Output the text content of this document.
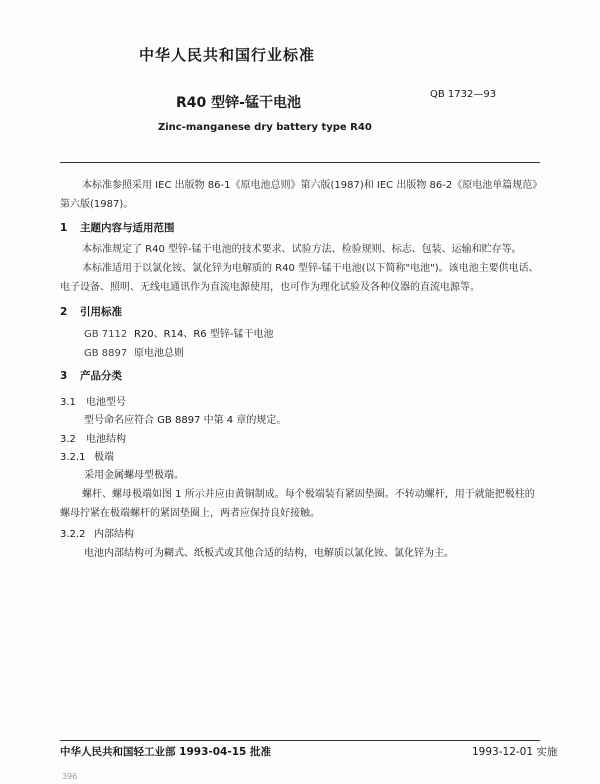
中华人民共和国行业标准
R40 型锌-锰干电池
QB 1732—93
Zinc-manganese dry battery type R40
本标准参照采用 IEC 出版物 86-1《原电池总则》第六版(1987)和 IEC 出版物 86-2《原电池单篇规范》第六版(1987)。
1 主题内容与适用范围
本标准规定了 R40 型锌-锰干电池的技术要求、试验方法、检验规则、标志、包装、运输和贮存等。
本标准适用于以氯化铵、氯化锌为电解质的 R40 型锌-锰干电池(以下简称"电池")。该电池主要供电话、电子设备、照明、无线电通讯作为直流电源使用，也可作为理化试验及各种仪器的直流电源等。
2 引用标准
GB 7112 R20、R14、R6 型锌-锰干电池
GB 8897 原电池总则
3 产品分类
3.1 电池型号
型号命名应符合 GB 8897 中第 4 章的规定。
3.2 电池结构
3.2.1 极端
采用金属螺母型极端。
螺杆、螺母极端如图 1 所示并应由黄铜制成。每个极端装有紧固垫圈。不转动螺杆，用于就能把极柱的螺母拧紧在极端螺杆的紧固垫圈上，两者应保持良好接触。
3.2.2 内部结构
电池内部结构可为糊式、纸板式或其他合适的结构，电解质以氯化铵、氯化锌为主。
中华人民共和国轻工业部 1993-04-15 批准	1993-12-01 实施
396
